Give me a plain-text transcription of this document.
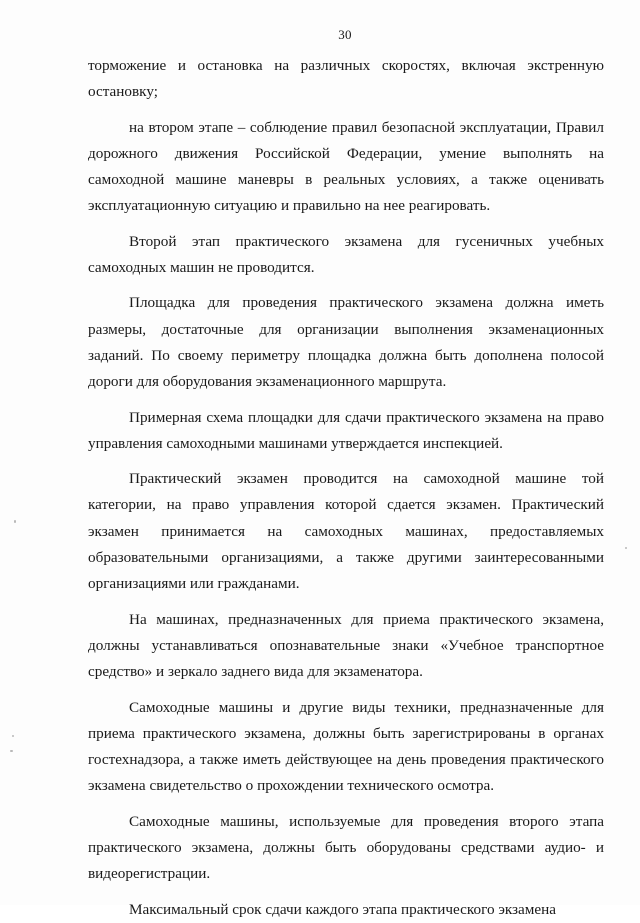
30

торможение и остановка на различных скоростях, включая экстренную остановку;

на втором этапе – соблюдение правил безопасной эксплуатации, Правил дорожного движения Российской Федерации, умение выполнять на самоходной машине маневры в реальных условиях, а также оценивать эксплуатационную ситуацию и правильно на нее реагировать.

Второй этап практического экзамена для гусеничных учебных самоходных машин не проводится.

Площадка для проведения практического экзамена должна иметь размеры, достаточные для организации выполнения экзаменационных заданий. По своему периметру площадка должна быть дополнена полосой дороги для оборудования экзаменационного маршрута.

Примерная схема площадки для сдачи практического экзамена на право управления самоходными машинами утверждается инспекцией.

Практический экзамен проводится на самоходной машине той категории, на право управления которой сдается экзамен. Практический экзамен принимается на самоходных машинах, предоставляемых образовательными организациями, а также другими заинтересованными организациями или гражданами.

На машинах, предназначенных для приема практического экзамена, должны устанавливаться опознавательные знаки «Учебное транспортное средство» и зеркало заднего вида для экзаменатора.

Самоходные машины и другие виды техники, предназначенные для приема практического экзамена, должны быть зарегистрированы в органах гостехнадзора, а также иметь действующее на день проведения практического экзамена свидетельство о прохождении технического осмотра.

Самоходные машины, используемые для проведения второго этапа практического экзамена, должны быть оборудованы средствами аудио- и видеорегистрации.

Максимальный срок сдачи каждого этапа практического экзамена
